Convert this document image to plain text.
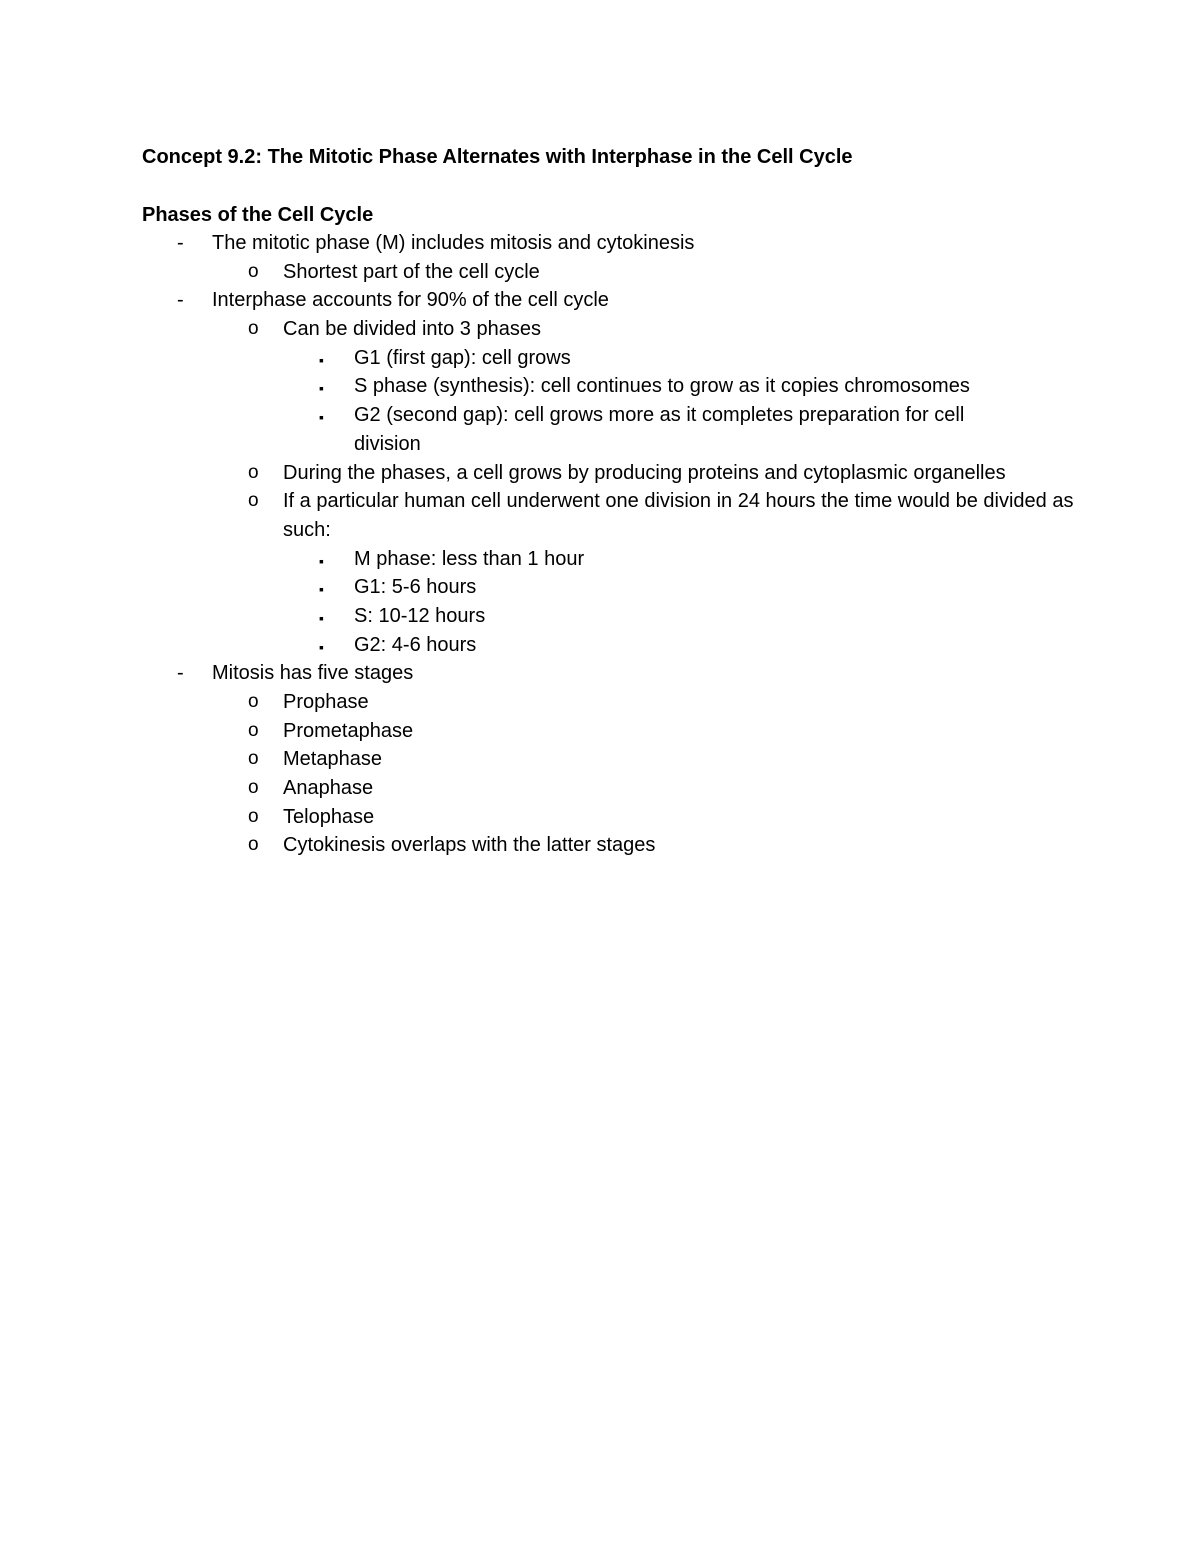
Concept 9.2: The Mitotic Phase Alternates with Interphase in the Cell Cycle
Phases of the Cell Cycle
- The mitotic phase (M) includes mitosis and cytokinesis
o Shortest part of the cell cycle
- Interphase accounts for 90% of the cell cycle
o Can be divided into 3 phases
▪ G1 (first gap): cell grows
▪ S phase (synthesis): cell continues to grow as it copies chromosomes
▪ G2 (second gap): cell grows more as it completes preparation for cell division
o During the phases, a cell grows by producing proteins and cytoplasmic organelles
o If a particular human cell underwent one division in 24 hours the time would be divided as such:
▪ M phase: less than 1 hour
▪ G1: 5-6 hours
▪ S: 10-12 hours
▪ G2: 4-6 hours
- Mitosis has five stages
o Prophase
o Prometaphase
o Metaphase
o Anaphase
o Telophase
o Cytokinesis overlaps with the latter stages
